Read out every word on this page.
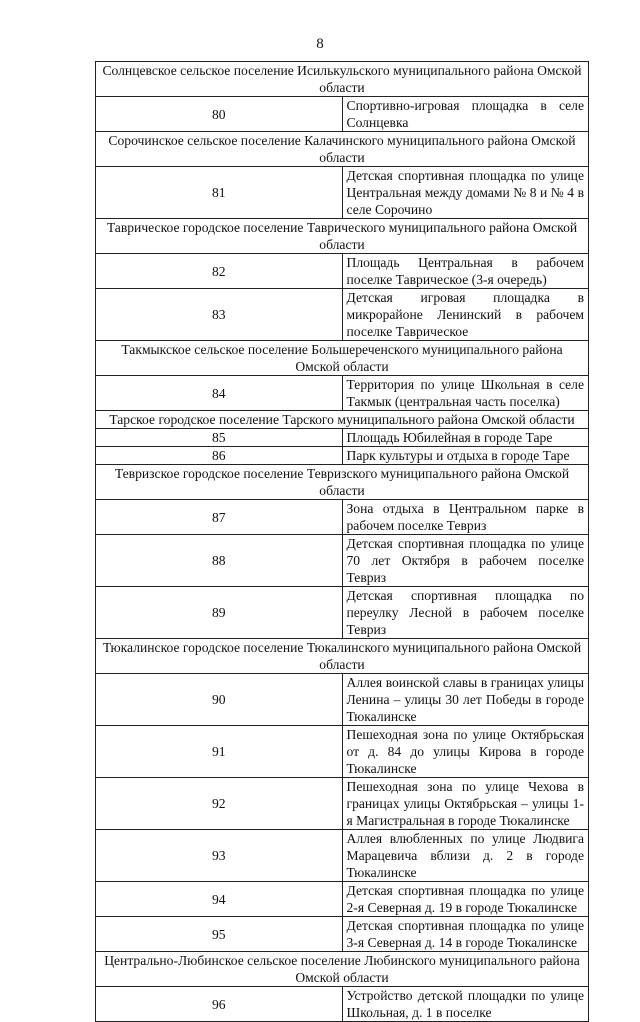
8
Солнцевское сельское поселение Исилькульского муниципального района Омской области	
80	Спортивно-игровая площадка в селе Солнцевка
Сорочинское сельское поселение Калачинского муниципального района Омской области	
81	Детская спортивная площадка по улице Центральная между домами № 8 и № 4 в селе Сорочино
Таврическое городское поселение Таврического муниципального района Омской области	
82	Площадь Центральная в рабочем поселке Таврическое (3-я очередь)
83	Детская игровая площадка в микрорайоне Ленинский в рабочем поселке Таврическое
Такмыкское сельское поселение Большереченского муниципального района Омской области	
84	Территория по улице Школьная в селе Такмык (центральная часть поселка)
Тарское городское поселение Тарского муниципального района Омской области	
85	Площадь Юбилейная в городе Таре
86	Парк культуры и отдыха в городе Таре
Тевризское городское поселение Тевризского муниципального района Омской области	
87	Зона отдыха в Центральном парке в рабочем поселке Тевриз
88	Детская спортивная площадка по улице 70 лет Октября в рабочем поселке Тевриз
89	Детская спортивная площадка по переулку Лесной в рабочем поселке Тевриз
Тюкалинское городское поселение Тюкалинского муниципального района Омской области	
90	Аллея воинской славы в границах улицы Ленина – улицы 30 лет Победы в городе Тюкалинске
91	Пешеходная зона по улице Октябрьская от д. 84 до улицы Кирова в городе Тюкалинске
92	Пешеходная зона по улице Чехова в границах улицы Октябрьская – улицы 1-я Магистральная в городе Тюкалинске
93	Аллея влюбленных по улице Людвига Марацевича вблизи д. 2 в городе Тюкалинске
94	Детская спортивная площадка по улице 2-я Северная д. 19 в городе Тюкалинске
95	Детская спортивная площадка по улице 3-я Северная д. 14 в городе Тюкалинске
Центрально-Любинское сельское поселение Любинского муниципального района Омской области	
96	Устройство детской площадки по улице Школьная, д. 1 в поселке
